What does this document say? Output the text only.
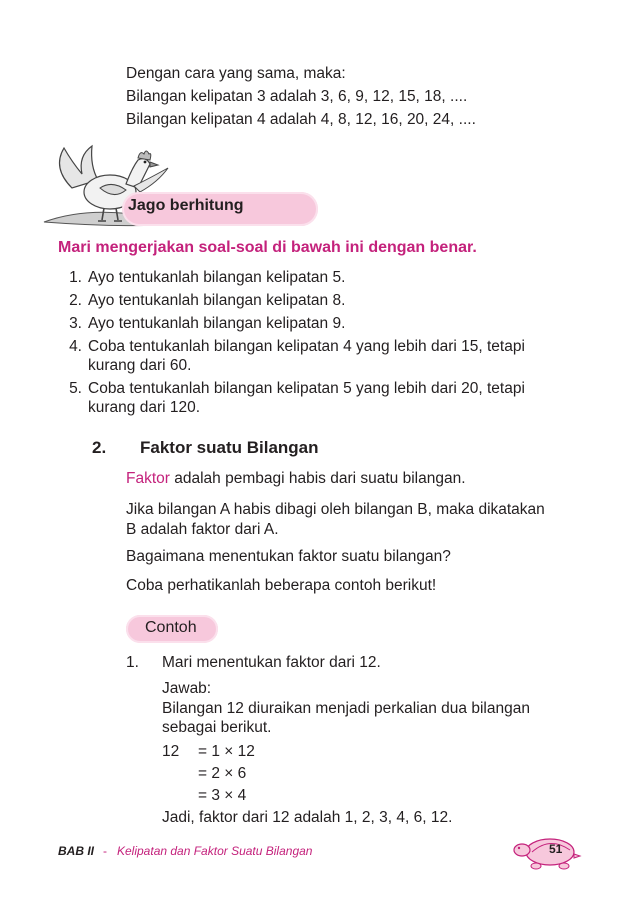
Dengan cara yang sama, maka:
Bilangan kelipatan 3 adalah 3, 6, 9, 12, 15, 18, ....
Bilangan kelipatan 4 adalah 4, 8, 12, 16, 20, 24, ....
Jago berhitung
Mari mengerjakan soal-soal di bawah ini dengan benar.
1. Ayo tentukanlah bilangan kelipatan 5.
2. Ayo tentukanlah bilangan kelipatan 8.
3. Ayo tentukanlah bilangan kelipatan 9.
4. Coba tentukanlah bilangan kelipatan 4 yang lebih dari 15, tetapi
kurang dari 60.
5. Coba tentukanlah bilangan kelipatan 5 yang lebih dari 20, tetapi
kurang dari 120.
2. Faktor suatu Bilangan
Faktor adalah pembagi habis dari suatu bilangan.
Jika bilangan A habis dibagi oleh bilangan B, maka dikatakan
B adalah faktor dari A.
Bagaimana menentukan faktor suatu bilangan?
Coba perhatikanlah beberapa contoh berikut!
Contoh
1. Mari menentukan faktor dari 12.
Jawab:
Bilangan 12 diuraikan menjadi perkalian dua bilangan
sebagai berikut.
12 = 1 × 12
= 2 × 6
= 3 × 4
Jadi, faktor dari 12 adalah 1, 2, 3, 4, 6, 12.
BAB II - Kelipatan dan Faktor Suatu Bilangan	51
